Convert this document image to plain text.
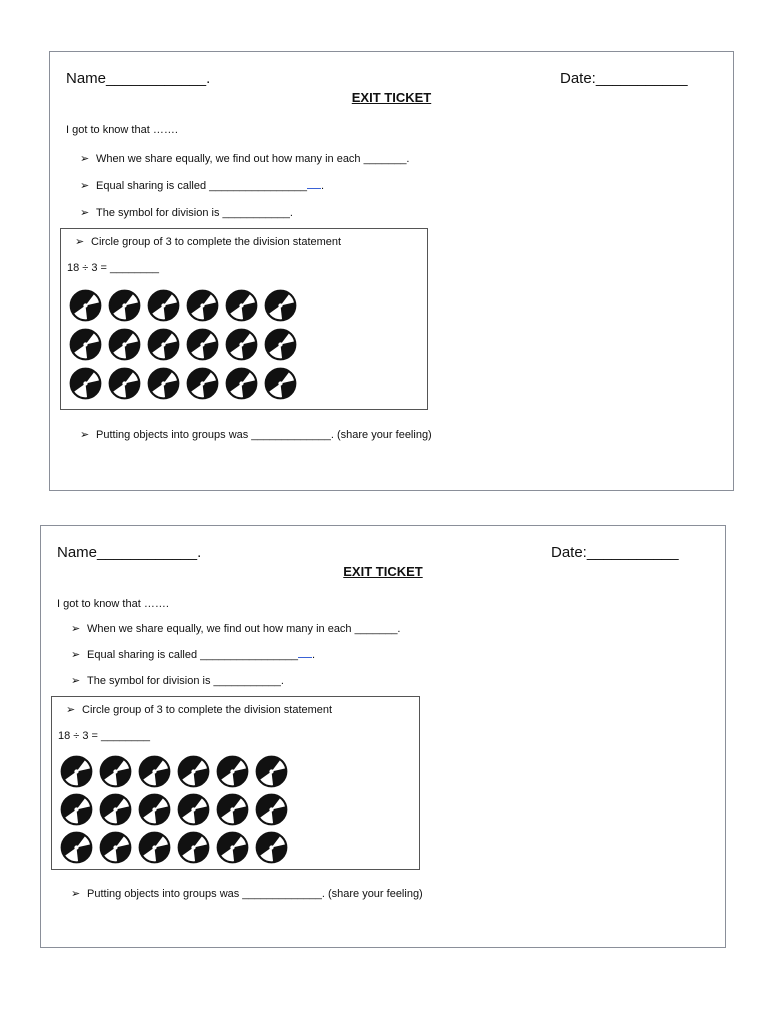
Name____________.	Date:___________
EXIT TICKET
I got to know that …….
➢ When we share equally, we find out how many in each _______.
➢ Equal sharing is called ________________ .
➢ The symbol for division is ___________.
➢ Circle group of 3 to complete the division statement
18 ÷ 3 = ________
➢ Putting objects into groups was _____________. (share your feeling)
Name____________.	Date:___________
EXIT TICKET
I got to know that …….
➢ When we share equally, we find out how many in each _______.
➢ Equal sharing is called ________________ .
➢ The symbol for division is ___________.
➢ Circle group of 3 to complete the division statement
18 ÷ 3 = ________
➢ Putting objects into groups was _____________. (share your feeling)
